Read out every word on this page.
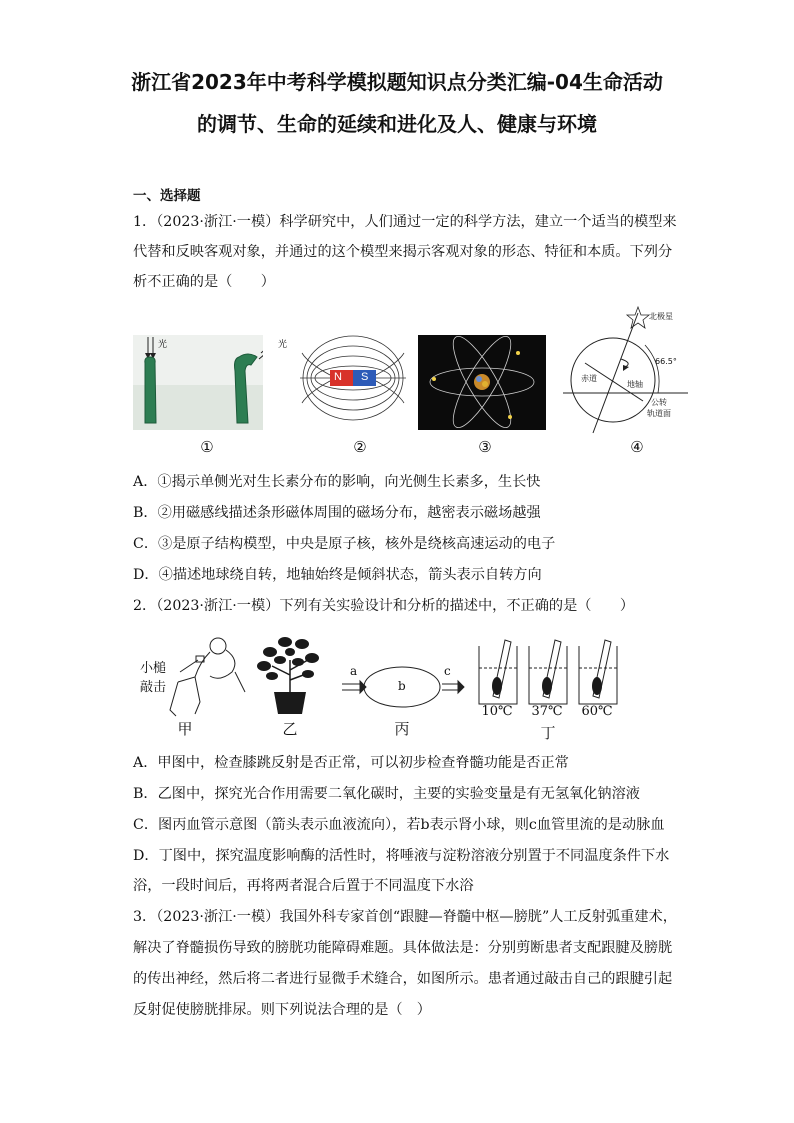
浙江省2023年中考科学模拟题知识点分类汇编-04生命活动
的调节、生命的延续和进化及人、健康与环境
一、选择题
1．（2023·浙江·一模）科学研究中，人们通过一定的科学方法，建立一个适当的模型来
代替和反映客观对象，并通过的这个模型来揭示客观对象的形态、特征和本质。下列分
析不正确的是（　　）
光	光
N S
北极星
66.5°
赤道
地轴
公转
轨道面
①	②	③	④
A．①揭示单侧光对生长素分布的影响，向光侧生长素多，生长快
B．②用磁感线描述条形磁体周围的磁场分布，越密表示磁场越强
C．③是原子结构模型，中央是原子核，核外是绕核高速运动的电子
D．④描述地球绕自转，地轴始终是倾斜状态，箭头表示自转方向
2．（2023·浙江·一模）下列有关实验设计和分析的描述中，不正确的是（　　）
小槌
敲击
甲	乙
a
b
c
丙
10℃ 37℃ 60℃
丁
A．甲图中，检查膝跳反射是否正常，可以初步检查脊髓功能是否正常
B．乙图中，探究光合作用需要二氧化碳时，主要的实验变量是有无氢氧化钠溶液
C．图丙血管示意图（箭头表示血液流向），若b表示肾小球，则c血管里流的是动脉血
D．丁图中，探究温度影响酶的活性时，将唾液与淀粉溶液分别置于不同温度条件下水
浴，一段时间后，再将两者混合后置于不同温度下水浴
3．（2023·浙江·一模）我国外科专家首创“跟腱—脊髓中枢—膀胱”人工反射弧重建术，
解决了脊髓损伤导致的膀胱功能障碍难题。具体做法是：分别剪断患者支配跟腱及膀胱
的传出神经，然后将二者进行显微手术缝合，如图所示。患者通过敲击自己的跟腱引起
反射促使膀胱排尿。则下列说法合理的是（　）
